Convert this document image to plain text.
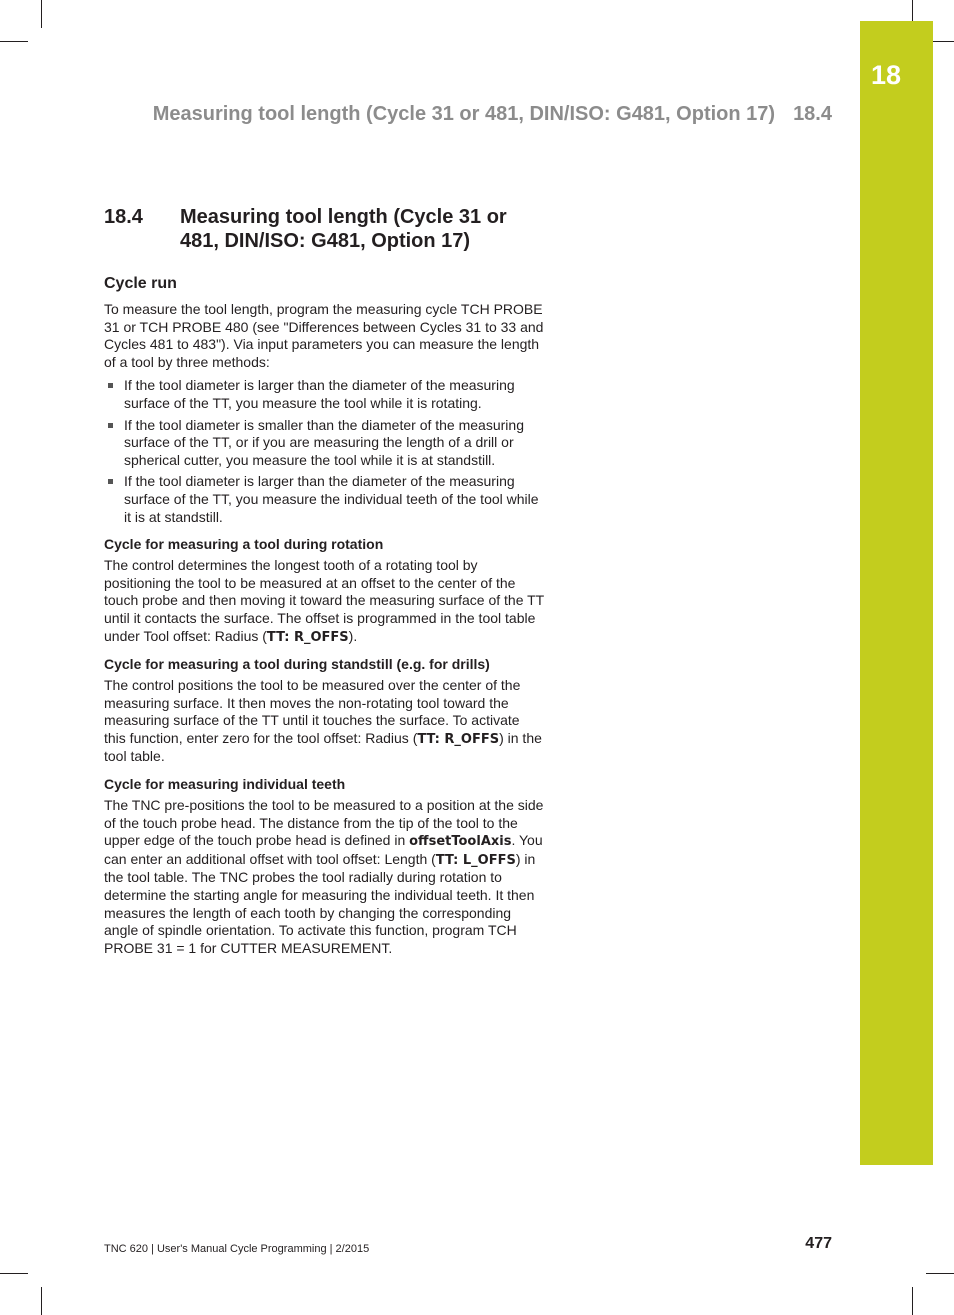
18
Measuring tool length (Cycle 31 or 481, DIN/ISO: G481, Option 17) 18.4
18.4	Measuring tool length (Cycle 31 or 481, DIN/ISO: G481, Option 17)
Cycle run

To measure the tool length, program the measuring cycle TCH PROBE 31 or TCH PROBE 480 (see "Differences between Cycles 31 to 33 and Cycles 481 to 483"). Via input parameters you can measure the length of a tool by three methods:

If the tool diameter is larger than the diameter of the measuring surface of the TT, you measure the tool while it is rotating.
If the tool diameter is smaller than the diameter of the measuring surface of the TT, or if you are measuring the length of a drill or spherical cutter, you measure the tool while it is at standstill.
If the tool diameter is larger than the diameter of the measuring surface of the TT, you measure the individual teeth of the tool while it is at standstill.
Cycle for measuring a tool during rotation

The control determines the longest tooth of a rotating tool by positioning the tool to be measured at an offset to the center of the touch probe and then moving it toward the measuring surface of the TT until it contacts the surface. The offset is programmed in the tool table under Tool offset: Radius (TT: R_OFFS).

Cycle for measuring a tool during standstill (e.g. for drills)

The control positions the tool to be measured over the center of the measuring surface. It then moves the non-rotating tool toward the measuring surface of the TT until it touches the surface. To activate this function, enter zero for the tool offset: Radius (TT: R_OFFS) in the tool table.

Cycle for measuring individual teeth

The TNC pre-positions the tool to be measured to a position at the side of the touch probe head. The distance from the tip of the tool to the upper edge of the touch probe head is defined in offsetToolAxis. You can enter an additional offset with tool offset: Length (TT: L_OFFS) in the tool table. The TNC probes the tool radially during rotation to determine the starting angle for measuring the individual teeth. It then measures the length of each tooth by changing the corresponding angle of spindle orientation. To activate this function, program TCH PROBE 31 = 1 for CUTTER MEASUREMENT.

TNC 620 | User's Manual Cycle Programming | 2/2015	477
